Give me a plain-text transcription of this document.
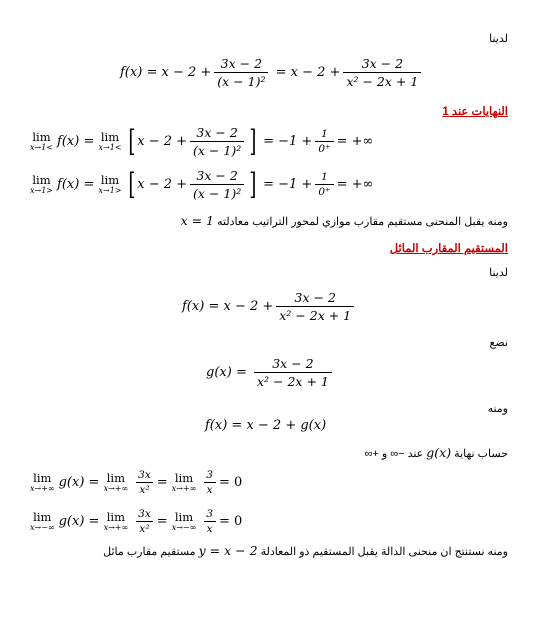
لدينا
$f(x) = x - 2 + \frac{3x - 2}{\text{(x − 1)²}} = x - 2 + \frac{3x - 2}{\text{x² − 2x + 1}}$
النهايات عند 1
lim
x→1< f(x) = lim
x→1< [ $x - 2 + \frac{3x - 2}{\text{(x − 1)²}}$ ] = $-1 + \frac{1}{0^+}$ = +∞
lim
x→1> f(x) = lim
x→1> [ $x - 2 + \frac{3x - 2}{\text{(x − 1)²}}$ ] = $-1 + \frac{1}{0^+}$ = +∞
ومنه يقبل المنحنى مستقيم مقارب موازي لمحور التراتيب معادلته x = 1
المستقيم المقارب المائل
لدينا
$f(x) = x - 2 + \frac{3x - 2}{\text{x² − 2x + 1}}$
نضع
$g(x) = \frac{3x - 2}{\text{x² − 2x + 1}}$
ومنه
f(x) = x − 2 + g(x)
حساب نهاية g(x) عند −∞ و +∞
lim
x→+∞ g(x) = lim
$x\to+\infty \frac{3x}{\text{x²}} = \lim$
$x\to+\infty \frac{3}{x} = 0$
lim
x→−∞ g(x) = lim
$x\to+\infty \frac{3x}{\text{x²}} = \lim$
$x\to-\infty \frac{3}{x} = 0$
ومنه نستنتج ان منحنى الدالة يقبل المستقيم ذو المعادلة y = x − 2 مستقيم مقارب مائل
